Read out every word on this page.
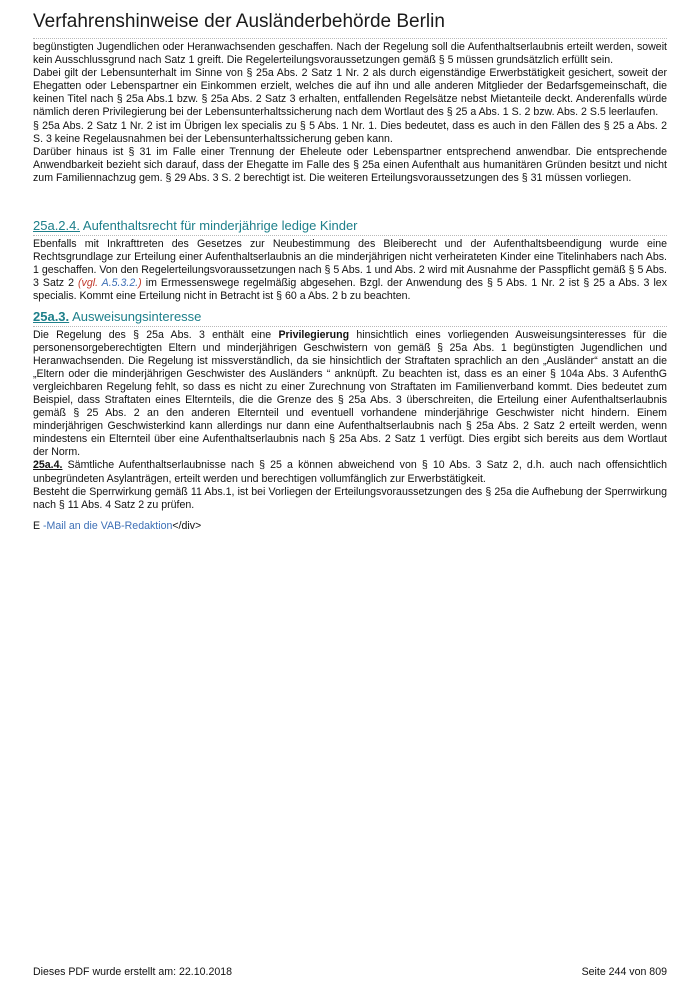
Verfahrenshinweise der Ausländerbehörde Berlin

begünstigten Jugendlichen oder Heranwachsenden geschaffen. Nach der Regelung soll die Aufenthaltserlaubnis erteilt werden, soweit kein Ausschlussgrund nach Satz 1 greift. Die Regelerteilungsvoraussetzungen gemäß § 5 müssen grundsätzlich erfüllt sein.

Dabei gilt der Lebensunterhalt im Sinne von § 25a Abs. 2 Satz 1 Nr. 2 als durch eigenständige Erwerbstätigkeit gesichert, soweit der Ehegatten oder Lebenspartner ein Einkommen erzielt, welches die auf ihn und alle anderen Mitglieder der Bedarfsgemeinschaft, die keinen Titel nach § 25a Abs.1 bzw. § 25a Abs. 2 Satz 3 erhalten, entfallenden Regelsätze nebst Mietanteile deckt. Anderenfalls würde nämlich deren Privilegierung bei der Lebensunterhaltssicherung nach dem Wortlaut des § 25 a Abs. 1 S. 2 bzw. Abs. 2 S.5 leerlaufen.

§ 25a Abs. 2 Satz 1 Nr. 2 ist im Übrigen lex specialis zu § 5 Abs. 1 Nr. 1. Dies bedeutet, dass es auch in den Fällen des § 25 a Abs. 2 S. 3 keine Regelausnahmen bei der Lebensunterhaltssicherung geben kann.

Darüber hinaus ist § 31 im Falle einer Trennung der Eheleute oder Lebenspartner entsprechend anwendbar. Die entsprechende Anwendbarkeit bezieht sich darauf, dass der Ehegatte im Falle des § 25a einen Aufenthalt aus humanitären Gründen besitzt und nicht zum Familiennachzug gem. § 29 Abs. 3 S. 2 berechtigt ist. Die weiteren Erteilungsvoraussetzungen des § 31 müssen vorliegen.

25a.2.4. Aufenthaltsrecht für minderjährige ledige Kinder

Ebenfalls mit Inkrafttreten des Gesetzes zur Neubestimmung des Bleiberecht und der Aufenthaltsbeendigung wurde eine Rechtsgrundlage zur Erteilung einer Aufenthaltserlaubnis an die minderjährigen nicht verheirateten Kinder eine Titelinhabers nach Abs. 1 geschaffen. Von den Regelerteilungsvoraussetzungen nach § 5 Abs. 1 und Abs. 2 wird mit Ausnahme der Passpflicht gemäß § 5 Abs. 3 Satz 2 (vgl. A.5.3.2.) im Ermessenswege regelmäßig abgesehen. Bzgl. der Anwendung des § 5 Abs. 1 Nr. 2 ist § 25 a Abs. 3 lex specialis. Kommt eine Erteilung nicht in Betracht ist § 60 a Abs. 2 b zu beachten.

25a.3. Ausweisungsinteresse

Die Regelung des § 25a Abs. 3 enthält eine Privilegierung hinsichtlich eines vorliegenden Ausweisungsinteresses für die personensorgeberechtigten Eltern und minderjährigen Geschwistern von gemäß § 25a Abs. 1 begünstigten Jugendlichen und Heranwachsenden. Die Regelung ist missverständlich, da sie hinsichtlich der Straftaten sprachlich an den „Ausländer“ anstatt an die „Eltern oder die minderjährigen Geschwister des Ausländers “ anknüpft. Zu beachten ist, dass es an einer § 104a Abs. 3 AufenthG vergleichbaren Regelung fehlt, so dass es nicht zu einer Zurechnung von Straftaten im Familienverband kommt. Dies bedeutet zum Beispiel, dass Straftaten eines Elternteils, die die Grenze des § 25a Abs. 3 überschreiten, die Erteilung einer Aufenthaltserlaubnis gemäß § 25 Abs. 2 an den anderen Elternteil und eventuell vorhandene minderjährige Geschwister nicht hindern. Einem minderjährigen Geschwisterkind kann allerdings nur dann eine Aufenthaltserlaubnis nach § 25a Abs. 2 Satz 2 erteilt werden, wenn mindestens ein Elternteil über eine Aufenthaltserlaubnis nach § 25a Abs. 2 Satz 1 verfügt. Dies ergibt sich bereits aus dem Wortlaut der Norm.

25a.4. Sämtliche Aufenthaltserlaubnisse nach § 25 a können abweichend von § 10 Abs. 3 Satz 2, d.h. auch nach offensichtlich unbegründeten Asylanträgen, erteilt werden und berechtigen vollumfänglich zur Erwerbstätigkeit.

Besteht die Sperrwirkung gemäß 11 Abs.1, ist bei Vorliegen der Erteilungsvoraussetzungen des § 25a die Aufhebung der Sperrwirkung nach § 11 Abs. 4 Satz 2 zu prüfen.

E -Mail an die VAB-Redaktion</div>

Dieses PDF wurde erstellt am: 22.10.2018	Seite 244 von 809
